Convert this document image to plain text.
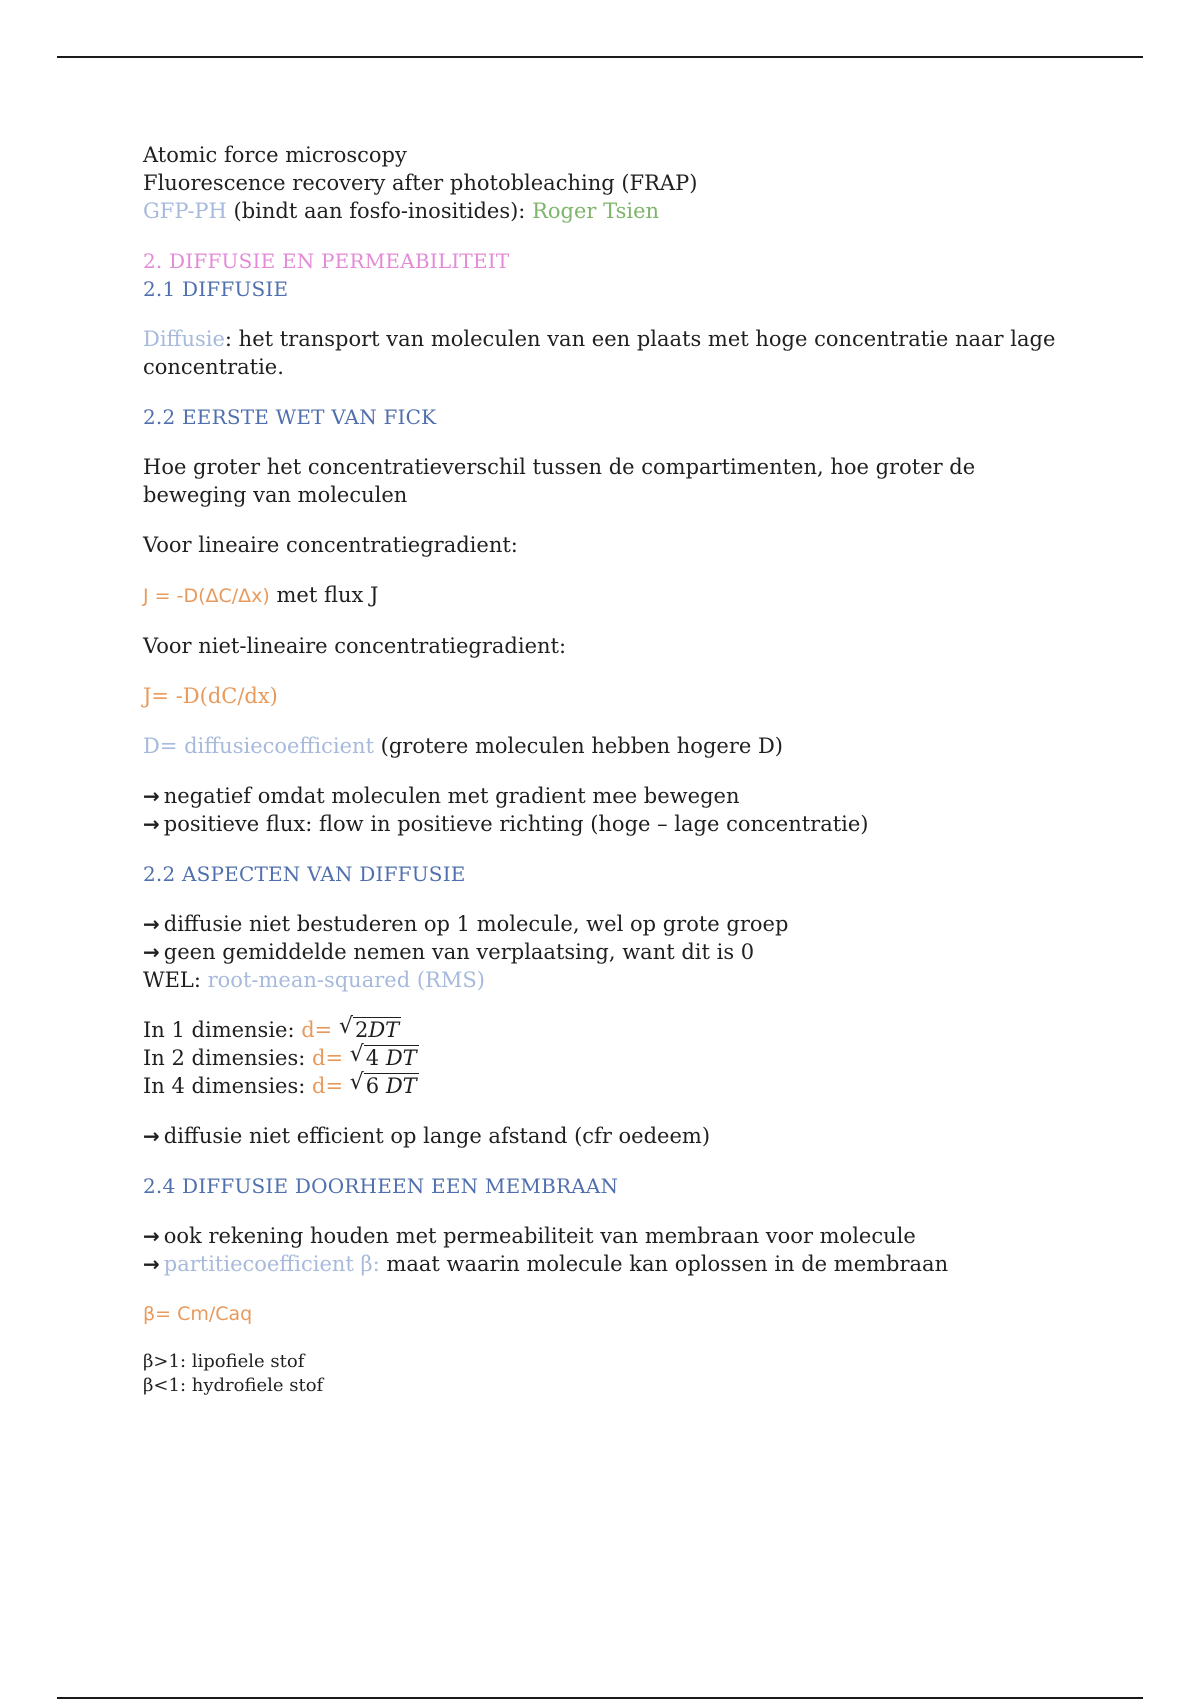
Atomic force microscopy

Fluorescence recovery after photobleaching (FRAP)

GFP-PH (bindt aan fosfo-inositides): Roger Tsien

2. DIFFUSIE EN PERMEABILITEIT

2.1 DIFFUSIE

Diffusie: het transport van moleculen van een plaats met hoge concentratie naar lage concentratie.

2.2 EERSTE WET VAN FICK

Hoe groter het concentratieverschil tussen de compartimenten, hoe groter de beweging van moleculen

Voor lineaire concentratiegradient:

J = -D(ΔC/Δx) met flux J

Voor niet-lineaire concentratiegradient:

J= -D(dC/dx)

D= diffusiecoefficient (grotere moleculen hebben hogere D)

→ negatief omdat moleculen met gradient mee bewegen

→ positieve flux: flow in positieve richting (hoge – lage concentratie)

2.2 ASPECTEN VAN DIFFUSIE

→ diffusie niet bestuderen op 1 molecule, wel op grote groep

→ geen gemiddelde nemen van verplaatsing, want dit is 0

WEL: root-mean-squared (RMS)

In 1 dimensie: d= √ 2DT

In 2 dimensies: d= √ 4 DT

In 4 dimensies: d= √ 6 DT

→ diffusie niet efficient op lange afstand (cfr oedeem)

2.4 DIFFUSIE DOORHEEN EEN MEMBRAAN

→ ook rekening houden met permeabiliteit van membraan voor molecule

→ partitiecoefficient β: maat waarin molecule kan oplossen in de membraan

β= Cm/Caq

β>1: lipofiele stof

β<1: hydrofiele stof
